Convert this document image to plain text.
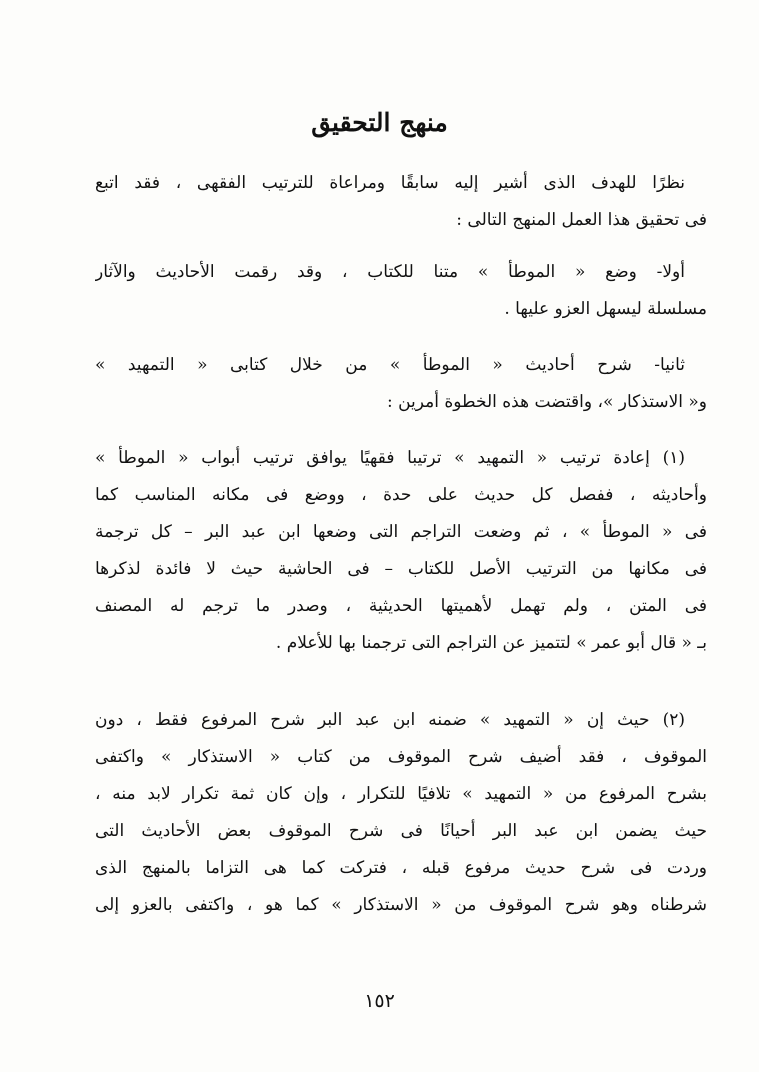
منهج التحقيق
نظرًا للهدف الذى أشير إليه سابقًا ومراعاة للترتيب الفقهى ، فقد اتبع
فى تحقيق هذا العمل المنهج التالى :
أولا- وضع « الموطأ » متنا للكتاب ، وقد رقمت الأحاديث والآثار
مسلسلة ليسهل العزو عليها .
ثانيا- شرح أحاديث « الموطأ » من خلال كتابى « التمهيد »
و« الاستذكار »، واقتضت هذه الخطوة أمرين :
(١) إعادة ترتيب « التمهيد » ترتيبا فقهيًا يوافق ترتيب أبواب « الموطأ »
وأحاديثه ، ففصل كل حديث على حدة ، ووضع فى مكانه المناسب كما
فى « الموطأ » ، ثم وضعت التراجم التى وضعها ابن عبد البر – كل ترجمة
فى مكانها من الترتيب الأصل للكتاب – فى الحاشية حيث لا فائدة لذكرها
فى المتن ، ولم تهمل لأهميتها الحديثية ، وصدر ما ترجم له المصنف
بـ « قال أبو عمر » لتتميز عن التراجم التى ترجمنا بها للأعلام .
(٢) حيث إن « التمهيد » ضمنه ابن عبد البر شرح المرفوع فقط ، دون
الموقوف ، فقد أضيف شرح الموقوف من كتاب « الاستذكار » واكتفى
بشرح المرفوع من « التمهيد » تلافيًا للتكرار ، وإن كان ثمة تكرار لابد منه ،
حيث يضمن ابن عبد البر أحيانًا فى شرح الموقوف بعض الأحاديث التى
وردت فى شرح حديث مرفوع قبله ، فتركت كما هى التزاما بالمنهج الذى
شرطناه وهو شرح الموقوف من « الاستذكار » كما هو ، واكتفى بالعزو إلى
١٥٢
